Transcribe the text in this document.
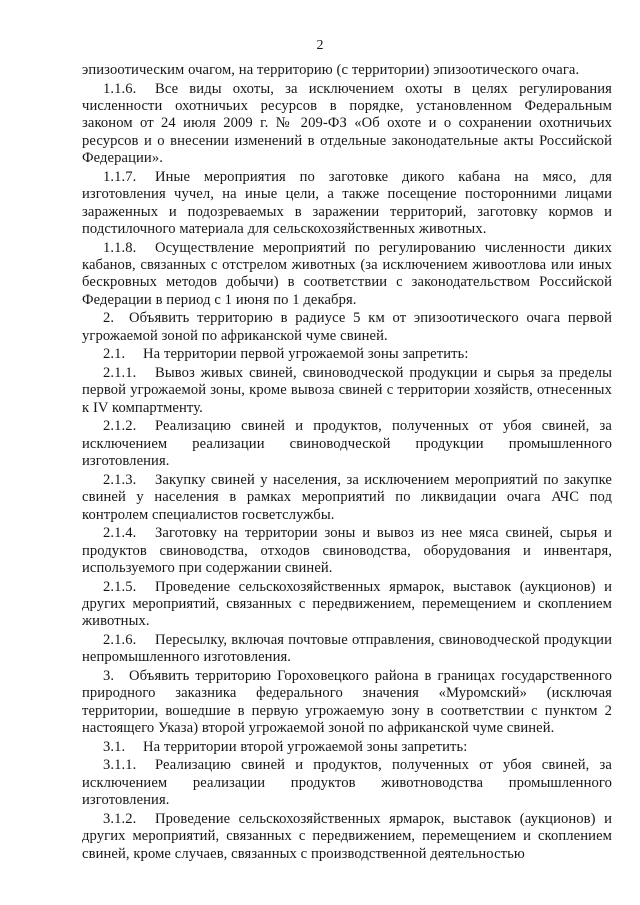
2

эпизоотическим очагом, на территорию (с территории) эпизоотического очага.

1.1.6. Все виды охоты, за исключением охоты в целях регулирования численности охотничьих ресурсов в порядке, установленном Федеральным законом от 24 июля 2009 г. № 209-ФЗ «Об охоте и о сохранении охотничьих ресурсов и о внесении изменений в отдельные законодательные акты Российской Федерации».

1.1.7. Иные мероприятия по заготовке дикого кабана на мясо, для изготовления чучел, на иные цели, а также посещение посторонними лицами зараженных и подозреваемых в заражении территорий, заготовку кормов и подстилочного материала для сельскохозяйственных животных.

1.1.8. Осуществление мероприятий по регулированию численности диких кабанов, связанных с отстрелом животных (за исключением живоотлова или иных бескровных методов добычи) в соответствии с законодательством Российской Федерации в период с 1 июня по 1 декабря.

2. Объявить территорию в радиусе 5 км от эпизоотического очага первой угрожаемой зоной по африканской чуме свиней.

2.1. На территории первой угрожаемой зоны запретить:

2.1.1. Вывоз живых свиней, свиноводческой продукции и сырья за пределы первой угрожаемой зоны, кроме вывоза свиней с территории хозяйств, отнесенных к IV компартменту.

2.1.2. Реализацию свиней и продуктов, полученных от убоя свиней, за исключением реализации свиноводческой продукции промышленного изготовления.

2.1.3. Закупку свиней у населения, за исключением мероприятий по закупке свиней у населения в рамках мероприятий по ликвидации очага АЧС под контролем специалистов госветслужбы.

2.1.4. Заготовку на территории зоны и вывоз из нее мяса свиней, сырья и продуктов свиноводства, отходов свиноводства, оборудования и инвентаря, используемого при содержании свиней.

2.1.5. Проведение сельскохозяйственных ярмарок, выставок (аукционов) и других мероприятий, связанных с передвижением, перемещением и скоплением животных.

2.1.6. Пересылку, включая почтовые отправления, свиноводческой продукции непромышленного изготовления.

3. Объявить территорию Гороховецкого района в границах государственного природного заказника федерального значения «Муромский» (исключая территории, вошедшие в первую угрожаемую зону в соответствии с пунктом 2 настоящего Указа) второй угрожаемой зоной по африканской чуме свиней.

3.1. На территории второй угрожаемой зоны запретить:

3.1.1. Реализацию свиней и продуктов, полученных от убоя свиней, за исключением реализации продуктов животноводства промышленного изготовления.

3.1.2. Проведение сельскохозяйственных ярмарок, выставок (аукционов) и других мероприятий, связанных с передвижением, перемещением и скоплением свиней, кроме случаев, связанных с производственной деятельностью
